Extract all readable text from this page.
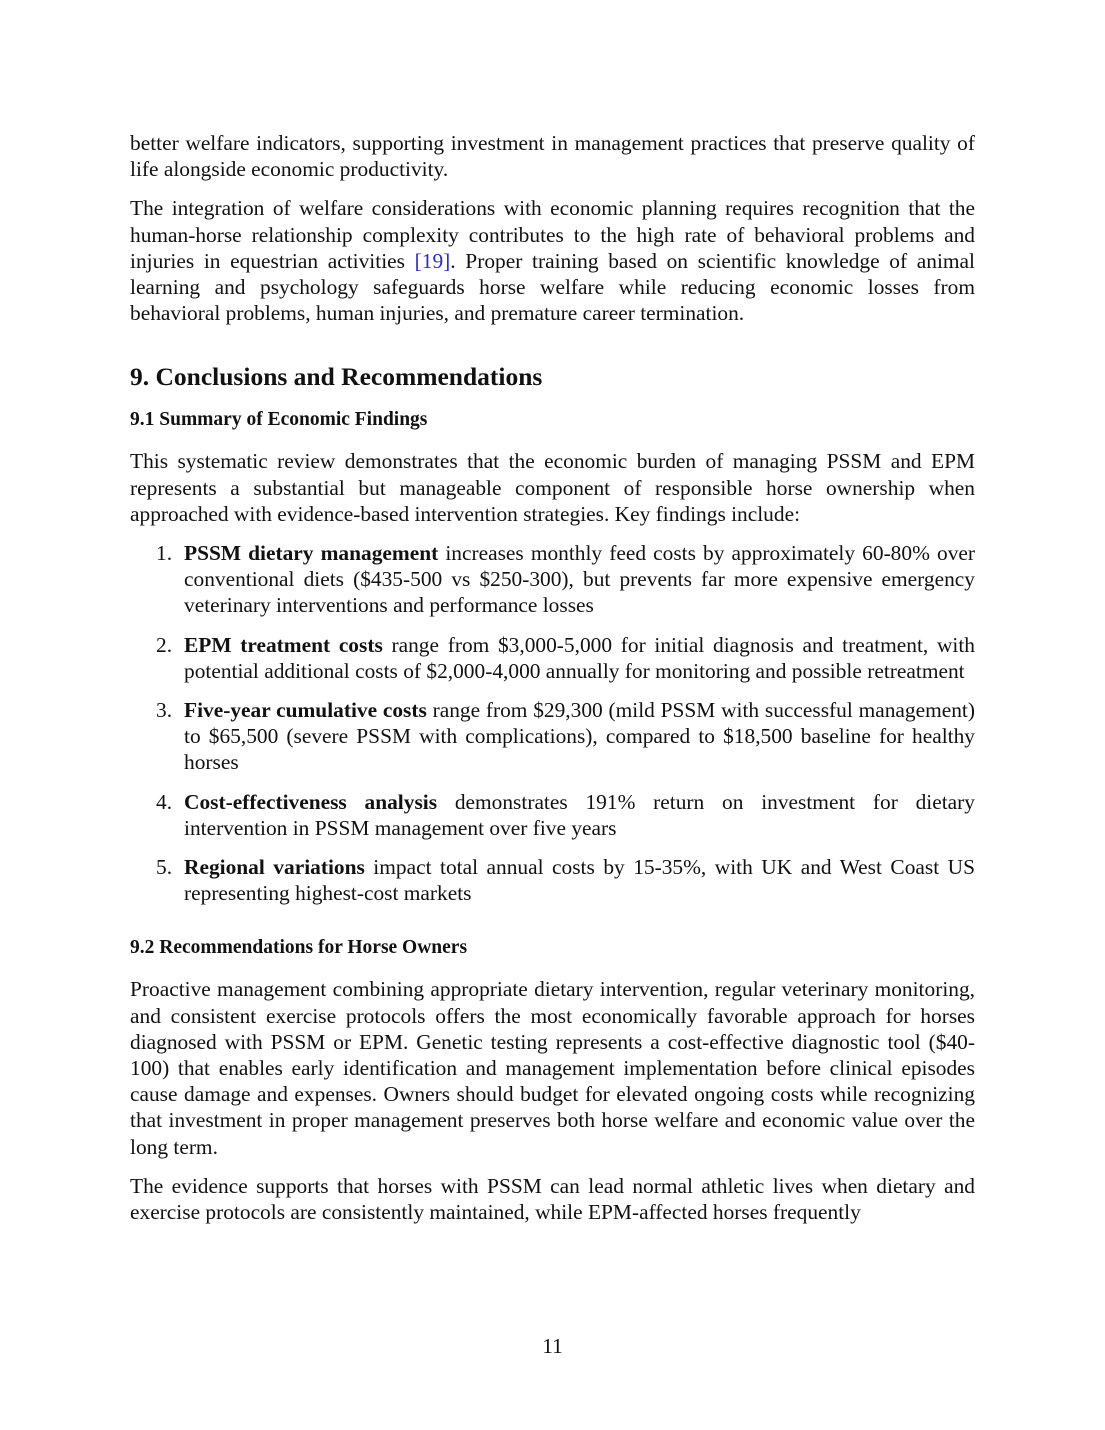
better welfare indicators, supporting investment in management practices that preserve quality of life alongside economic productivity.

The integration of welfare considerations with economic planning requires recognition that the human-horse relationship complexity contributes to the high rate of behavioral problems and injuries in equestrian activities [19]. Proper training based on scientific knowledge of animal learning and psychology safeguards horse welfare while reducing economic losses from behavioral problems, human injuries, and premature career termination.

9. Conclusions and Recommendations
9.1 Summary of Economic Findings

This systematic review demonstrates that the economic burden of managing PSSM and EPM represents a substantial but manageable component of responsible horse ownership when approached with evidence-based intervention strategies. Key findings include:

1. PSSM dietary management increases monthly feed costs by approximately 60-80% over conventional diets ($435-500 vs $250-300), but prevents far more expensive emergency veterinary interventions and performance losses
2. EPM treatment costs range from $3,000-5,000 for initial diagnosis and treatment, with potential additional costs of $2,000-4,000 annually for monitoring and possible retreatment
3. Five-year cumulative costs range from $29,300 (mild PSSM with successful management) to $65,500 (severe PSSM with complications), compared to $18,500 baseline for healthy horses
4. Cost-effectiveness analysis demonstrates 191% return on investment for dietary intervention in PSSM management over five years
5. Regional variations impact total annual costs by 15-35%, with UK and West Coast US representing highest-cost markets
9.2 Recommendations for Horse Owners

Proactive management combining appropriate dietary intervention, regular veterinary monitoring, and consistent exercise protocols offers the most economically favorable approach for horses diagnosed with PSSM or EPM. Genetic testing represents a cost-effective diagnostic tool ($40-100) that enables early identification and management implementation before clinical episodes cause damage and expenses. Owners should budget for elevated ongoing costs while recognizing that investment in proper management preserves both horse welfare and economic value over the long term.

The evidence supports that horses with PSSM can lead normal athletic lives when dietary and exercise protocols are consistently maintained, while EPM-affected horses frequently

11
